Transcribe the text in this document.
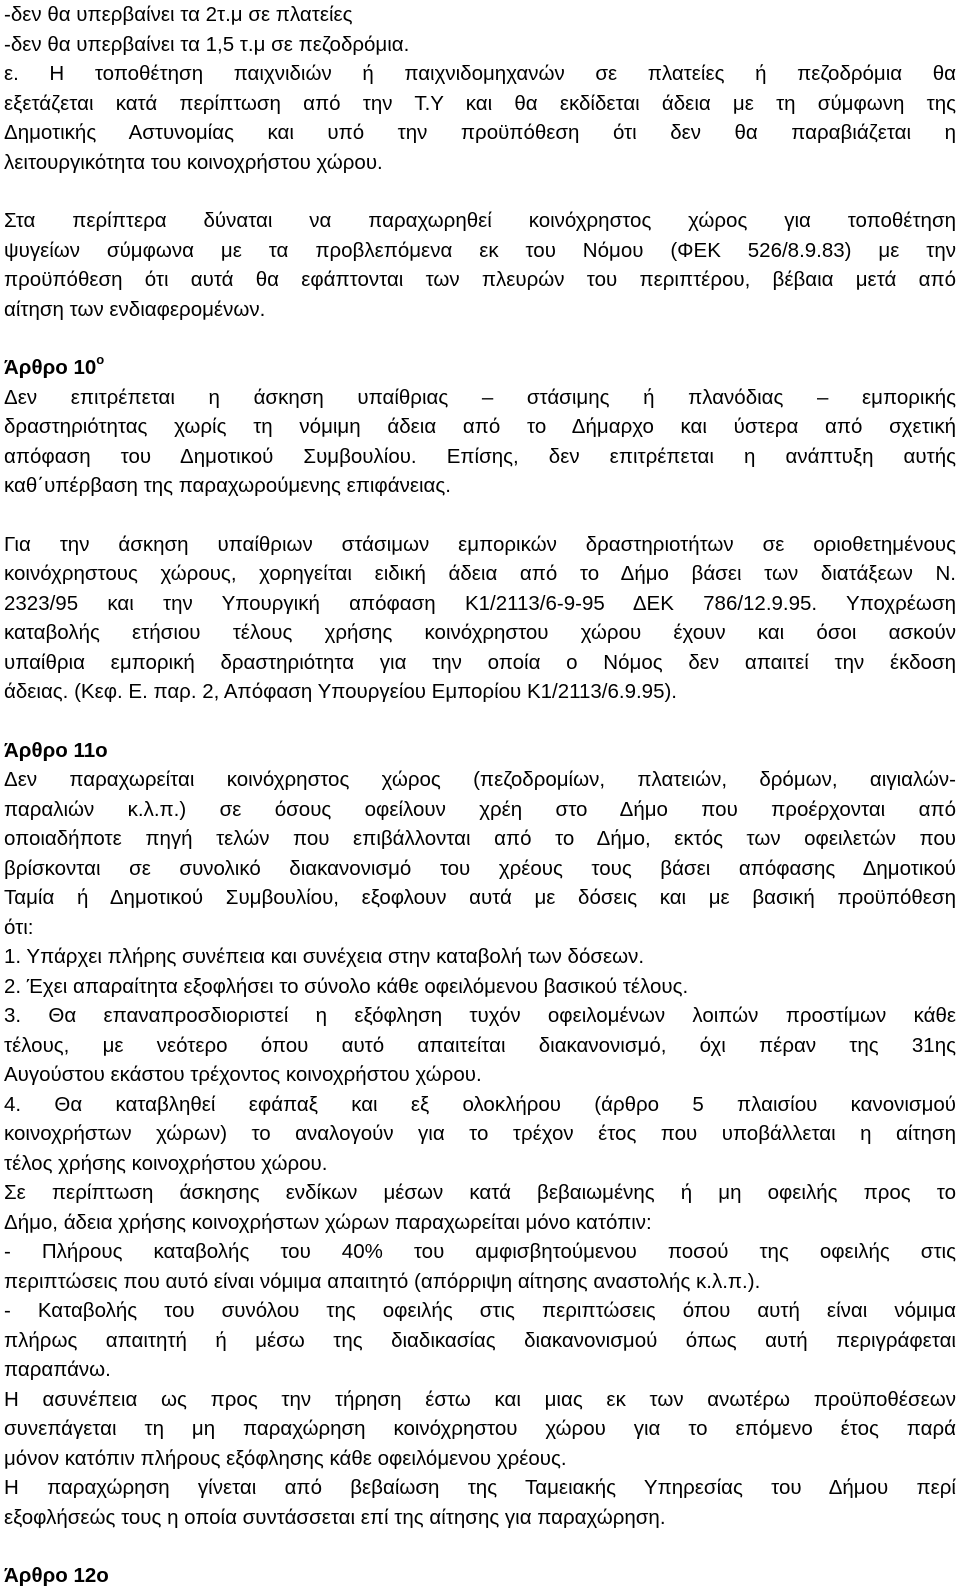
-δεν θα υπερβαίνει τα 2τ.μ σε πλατείες
-δεν θα υπερβαίνει τα 1,5 τ.μ σε πεζοδρόμια.
ε. Η τοποθέτηση παιχνιδιών ή παιχνιδομηχανών σε πλατείες ή πεζοδρόμια θα
εξετάζεται κατά περίπτωση από την Τ.Υ και θα εκδίδεται άδεια με τη σύμφωνη της
Δημοτικής Αστυνομίας και υπό την προϋπόθεση ότι δεν θα παραβιάζεται η
λειτουργικότητα του κοινοχρήστου χώρου.
Στα περίπτερα δύναται να παραχωρηθεί κοινόχρηστος χώρος για τοποθέτηση
ψυγείων σύμφωνα με τα προβλεπόμενα εκ του Νόμου (ΦΕΚ 526/8.9.83) με την
προϋπόθεση ότι αυτά θα εφάπτονται των πλευρών του περιπτέρου, βέβαια μετά από
αίτηση των ενδιαφερομένων.
Άρθρο $10^o$
Δεν επιτρέπεται η άσκηση υπαίθριας – στάσιμης ή πλανόδιας – εμπορικής
δραστηριότητας χωρίς τη νόμιμη άδεια από το Δήμαρχο και ύστερα από σχετική
απόφαση του Δημοτικού Συμβουλίου. Επίσης, δεν επιτρέπεται η ανάπτυξη αυτής
καθ΄υπέρβαση της παραχωρούμενης επιφάνειας.
Για την άσκηση υπαίθριων στάσιμων εμπορικών δραστηριοτήτων σε οριοθετημένους
κοινόχρηστους χώρους, χορηγείται ειδική άδεια από το Δήμο βάσει των διατάξεων Ν.
2323/95 και την Υπουργική απόφαση Κ1/2113/6-9-95 ΔΕΚ 786/12.9.95. Υποχρέωση
καταβολής ετήσιου τέλους χρήσης κοινόχρηστου χώρου έχουν και όσοι ασκούν
υπαίθρια εμπορική δραστηριότητα για την οποία ο Νόμος δεν απαιτεί την έκδοση
άδειας. (Κεφ. Ε. παρ. 2, Απόφαση Υπουργείου Εμπορίου Κ1/2113/6.9.95).
Άρθρο 11ο
Δεν παραχωρείται κοινόχρηστος χώρος (πεζοδρομίων, πλατειών, δρόμων, αιγιαλών-
παραλιών κ.λ.π.) σε όσους οφείλουν χρέη στο Δήμο που προέρχονται από
οποιαδήποτε πηγή τελών που επιβάλλονται από το Δήμο, εκτός των οφειλετών που
βρίσκονται σε συνολικό διακανονισμό του χρέους τους βάσει απόφασης Δημοτικού
Ταμία ή Δημοτικού Συμβουλίου, εξοφλουν αυτά με δόσεις και με βασική προϋπόθεση
ότι:
1. Υπάρχει πλήρης συνέπεια και συνέχεια στην καταβολή των δόσεων.
2. Έχει απαραίτητα εξοφλήσει το σύνολο κάθε οφειλόμενου βασικού τέλους.
3. Θα επαναπροσδιοριστεί η εξόφληση τυχόν οφειλομένων λοιπών προστίμων κάθε
τέλους, με νεότερο όπου αυτό απαιτείται διακανονισμό, όχι πέραν της 31ης
Αυγούστου εκάστου τρέχοντος κοινοχρήστου χώρου.
4. Θα καταβληθεί εφάπαξ και εξ ολοκλήρου (άρθρο 5 πλαισίου κανονισμού
κοινοχρήστων χώρων) το αναλογούν για το τρέχον έτος που υποβάλλεται η αίτηση
τέλος χρήσης κοινοχρήστου χώρου.
Σε περίπτωση άσκησης ενδίκων μέσων κατά βεβαιωμένης ή μη οφειλής προς το
Δήμο, άδεια χρήσης κοινοχρήστων χώρων παραχωρείται μόνο κατόπιν:
- Πλήρους καταβολής του 40% του αμφισβητούμενου ποσού της οφειλής στις
περιπτώσεις που αυτό είναι νόμιμα απαιτητό (απόρριψη αίτησης αναστολής κ.λ.π.).
- Καταβολής του συνόλου της οφειλής στις περιπτώσεις όπου αυτή είναι νόμιμα
πλήρως απαιτητή ή μέσω της διαδικασίας διακανονισμού όπως αυτή περιγράφεται
παραπάνω.
Η ασυνέπεια ως προς την τήρηση έστω και μιας εκ των ανωτέρω προϋποθέσεων
συνεπάγεται τη μη παραχώρηση κοινόχρηστου χώρου για το επόμενο έτος παρά
μόνον κατόπιν πλήρους εξόφλησης κάθε οφειλόμενου χρέους.
Η παραχώρηση γίνεται από βεβαίωση της Ταμειακής Υπηρεσίας του Δήμου περί
εξοφλήσεώς τους η οποία συντάσσεται επί της αίτησης για παραχώρηση.
Άρθρο 12ο
